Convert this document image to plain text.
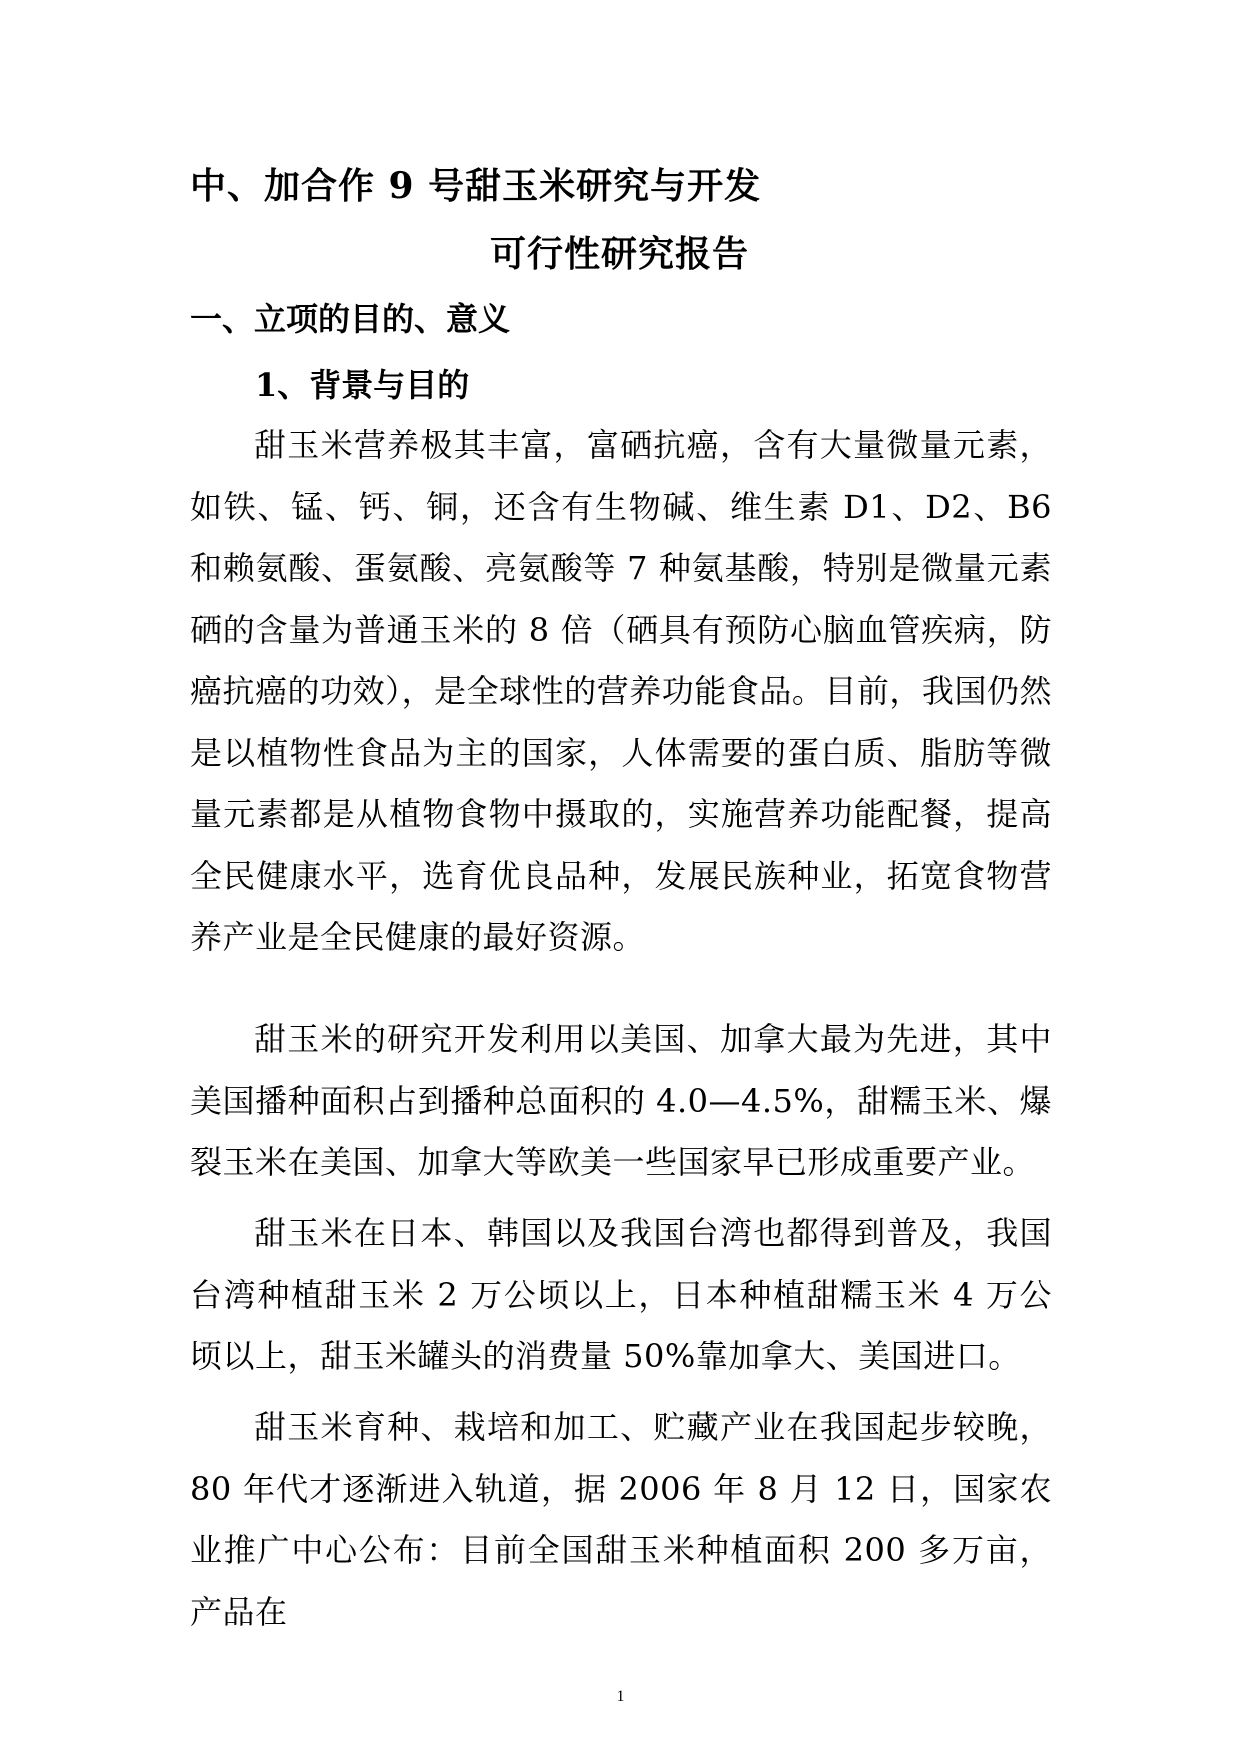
中、加合作 9 号甜玉米研究与开发
可行性研究报告
一、立项的目的、意义
1、背景与目的

甜玉米营养极其丰富，富硒抗癌，含有大量微量元素，如铁、锰、钙、铜，还含有生物碱、维生素 D1、D2、B6 和赖氨酸、蛋氨酸、亮氨酸等 7 种氨基酸，特别是微量元素硒的含量为普通玉米的 8 倍（硒具有预防心脑血管疾病，防癌抗癌的功效），是全球性的营养功能食品。目前，我国仍然是以植物性食品为主的国家，人体需要的蛋白质、脂肪等微量元素都是从植物食物中摄取的，实施营养功能配餐，提高全民健康水平，选育优良品种，发展民族种业，拓宽食物营养产业是全民健康的最好资源。

甜玉米的研究开发利用以美国、加拿大最为先进，其中美国播种面积占到播种总面积的 4.0—4.5%，甜糯玉米、爆裂玉米在美国、加拿大等欧美一些国家早已形成重要产业。

甜玉米在日本、韩国以及我国台湾也都得到普及，我国台湾种植甜玉米 2 万公顷以上，日本种植甜糯玉米 4 万公顷以上，甜玉米罐头的消费量 50%靠加拿大、美国进口。

甜玉米育种、栽培和加工、贮藏产业在我国起步较晚，80 年代才逐渐进入轨道，据 2006 年 8 月 12 日，国家农业推广中心公布：目前全国甜玉米种植面积 200 多万亩，产品在

1
